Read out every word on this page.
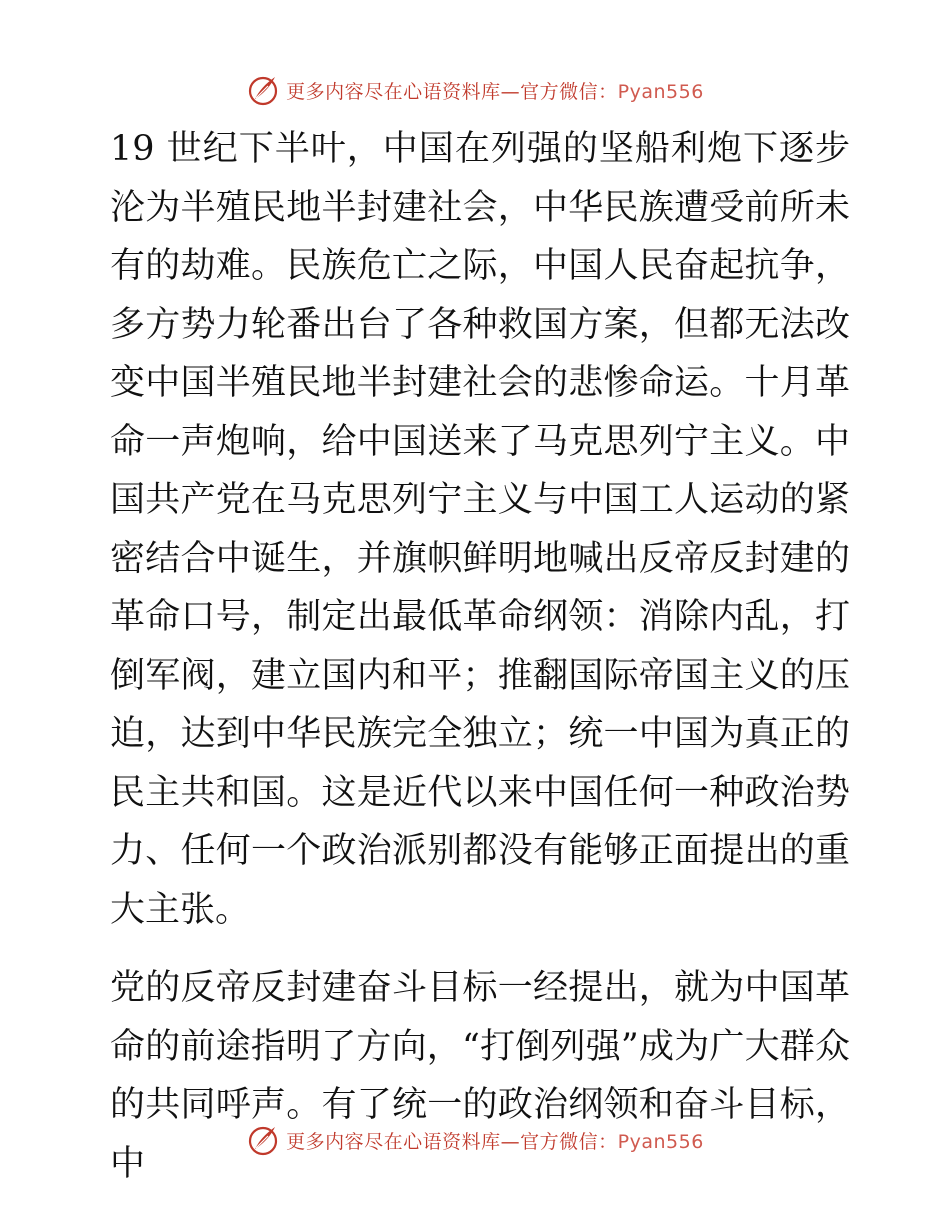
更多内容尽在心语资料库—官方微信：Pyan556

19 世纪下半叶，中国在列强的坚船利炮下逐步沦为半殖民地半封建社会，中华民族遭受前所未有的劫难。民族危亡之际，中国人民奋起抗争，多方势力轮番出台了各种救国方案，但都无法改变中国半殖民地半封建社会的悲惨命运。十月革命一声炮响，给中国送来了马克思列宁主义。中国共产党在马克思列宁主义与中国工人运动的紧密结合中诞生，并旗帜鲜明地喊出反帝反封建的革命口号，制定出最低革命纲领：消除内乱，打倒军阀，建立国内和平；推翻国际帝国主义的压迫，达到中华民族完全独立；统一中国为真正的民主共和国。这是近代以来中国任何一种政治势力、任何一个政治派别都没有能够正面提出的重大主张。

党的反帝反封建奋斗目标一经提出，就为中国革命的前途指明了方向，“打倒列强”成为广大群众的共同呼声。有了统一的政治纲领和奋斗目标，中

更多内容尽在心语资料库—官方微信：Pyan556
